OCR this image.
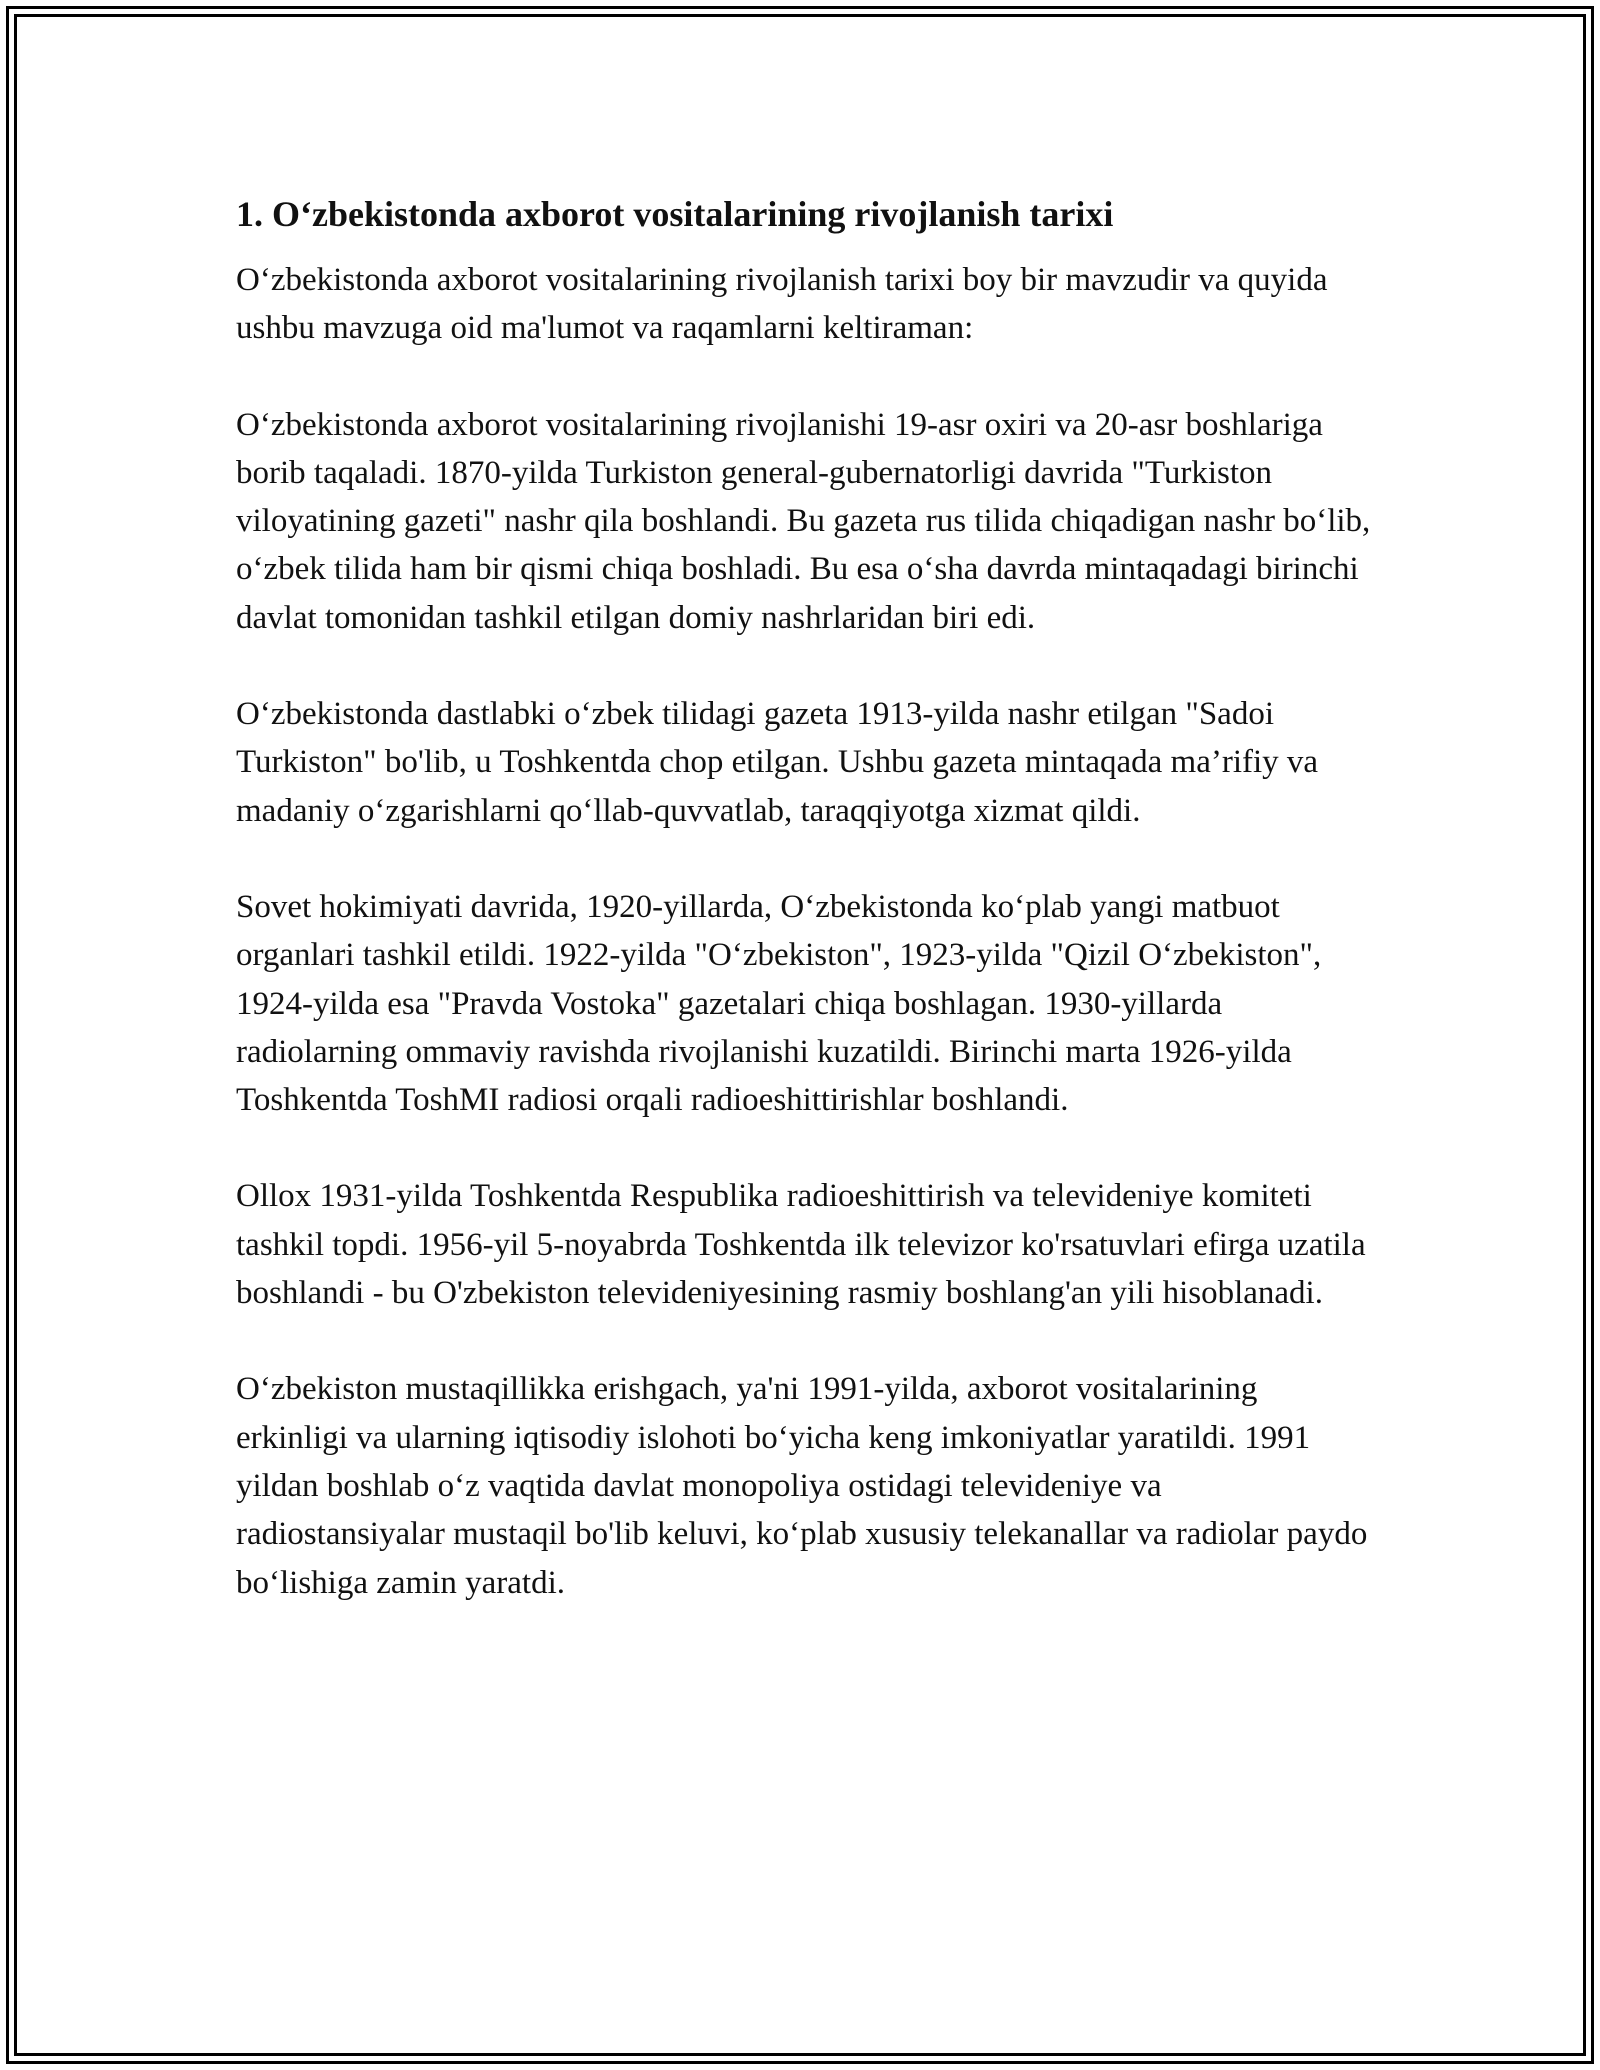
1. O‘zbekistonda axborot vositalarining rivojlanish tarixi

O‘zbekistonda axborot vositalarining rivojlanish tarixi boy bir mavzudir va quyida ushbu mavzuga oid ma'lumot va raqamlarni keltiraman:

O‘zbekistonda axborot vositalarining rivojlanishi 19-asr oxiri va 20-asr boshlariga borib taqaladi. 1870-yilda Turkiston general-gubernatorligi davrida "Turkiston viloyatining gazeti" nashr qila boshlandi. Bu gazeta rus tilida chiqadigan nashr bo‘lib, o‘zbek tilida ham bir qismi chiqa boshladi. Bu esa o‘sha davrda mintaqadagi birinchi davlat tomonidan tashkil etilgan domiy nashrlaridan biri edi.

O‘zbekistonda dastlabki o‘zbek tilidagi gazeta 1913-yilda nashr etilgan "Sadoi Turkiston" bo'lib, u Toshkentda chop etilgan. Ushbu gazeta mintaqada ma’rifiy va madaniy o‘zgarishlarni qo‘llab-quvvatlab, taraqqiyotga xizmat qildi.

Sovet hokimiyati davrida, 1920-yillarda, O‘zbekistonda ko‘plab yangi matbuot organlari tashkil etildi. 1922-yilda "O‘zbekiston", 1923-yilda "Qizil O‘zbekiston", 1924-yilda esa "Pravda Vostoka" gazetalari chiqa boshlagan. 1930-yillarda radiolarning ommaviy ravishda rivojlanishi kuzatildi. Birinchi marta 1926-yilda Toshkentda ToshMI radiosi orqali radioeshittirishlar boshlandi.

Ollox 1931-yilda Toshkentda Respublika radioeshittirish va televideniye komiteti tashkil topdi. 1956-yil 5-noyabrda Toshkentda ilk televizor ko'rsatuvlari efirga uzatila boshlandi - bu O'zbekiston televideniyesining rasmiy boshlang'an yili hisoblanadi.

O‘zbekiston mustaqillikka erishgach, ya'ni 1991-yilda, axborot vositalarining erkinligi va ularning iqtisodiy islohoti bo‘yicha keng imkoniyatlar yaratildi. 1991 yildan boshlab o‘z vaqtida davlat monopoliya ostidagi televideniye va radiostansiyalar mustaqil bo'lib keluvi, ko‘plab xususiy telekanallar va radiolar paydo bo‘lishiga zamin yaratdi.
